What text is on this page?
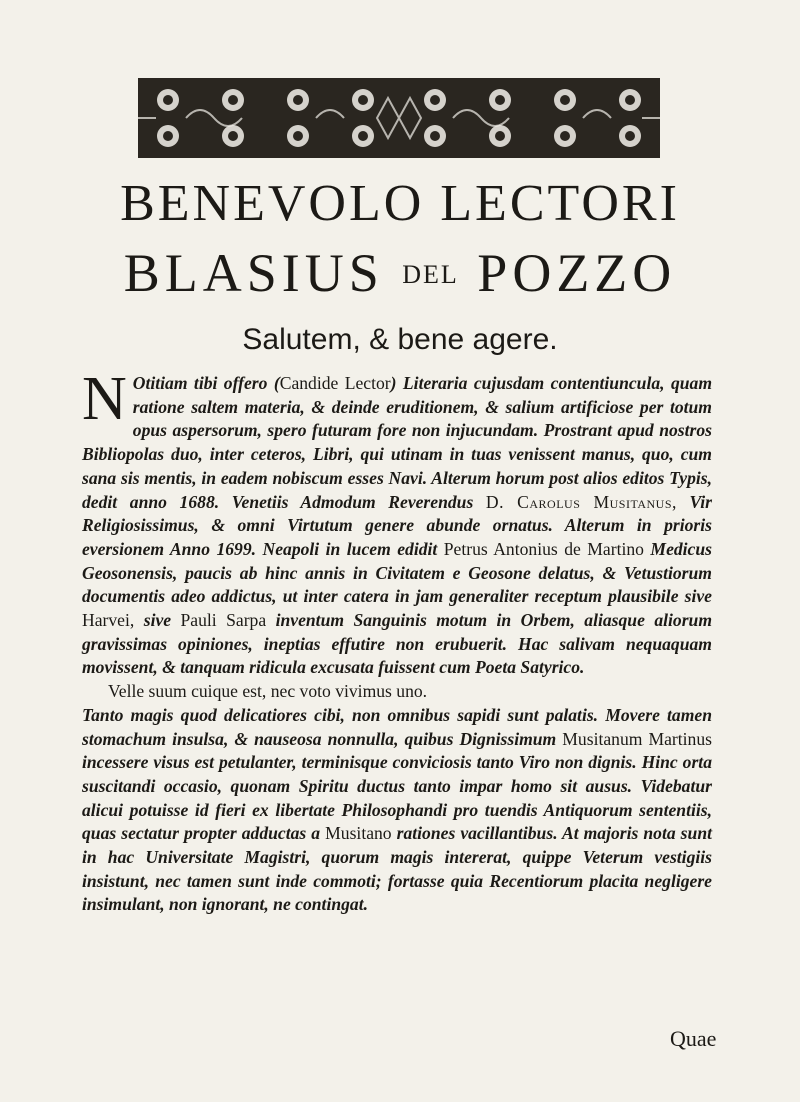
BENEVOLO LECTORI
BLASIUS DEL POZZO
Salutem, & bene agere.

N Otitiam tibi offero (Candide Lector) Literaria cujusdam contentiuncula, quam ratione saltem materia, & deinde eruditionem, & salium artificiose per totum opus aspersorum, spero futuram fore non injucundam. Prostrant apud nostros Bibliopolas duo, inter ceteros, Libri, qui utinam in tuas venissent manus, quo, cum sana sis mentis, in eadem nobiscum esses Navi. Alterum horum post alios editos Typis, dedit anno 1688. Venetiis Admodum Reverendus D. Carolus Musitanus, Vir Religiosissimus, & omni Virtutum genere abunde ornatus. Alterum in prioris eversionem Anno 1699. Neapoli in lucem edidit Petrus Antonius de Martino Medicus Geosonensis, paucis ab hinc annis in Civitatem e Geosone delatus, & Vetustiorum documentis adeo addictus, ut inter catera in jam generaliter receptum plausibile sive Harvei, sive Pauli Sarpa inventum Sanguinis motum in Orbem, aliasque aliorum gravissimas opiniones, ineptias effutire non erubuerit. Hac salivam nequaquam movissent, & tanquam ridicula excusata fuissent cum Poeta Satyrico.

Velle suum cuique est, nec voto vivimus uno.

Tanto magis quod delicatiores cibi, non omnibus sapidi sunt palatis. Movere tamen stomachum insulsa, & nauseosa nonnulla, quibus Dignissimum Musitanum Martinus incessere visus est petulanter, terminisque conviciosis tanto Viro non dignis. Hinc orta suscitandi occasio, quonam Spiritu ductus tanto impar homo sit ausus. Videbatur alicui potuisse id fieri ex libertate Philosophandi pro tuendis Antiquorum sententiis, quas sectatur propter adductas a Musitano rationes vacillantibus. At majoris nota sunt in hac Universitate Magistri, quorum magis intererat, quippe Veterum vestigiis insistunt, nec tamen sunt inde commoti; fortasse quia Recentiorum placita negligere insimulant, non ignorant, ne contingat.

Quae
